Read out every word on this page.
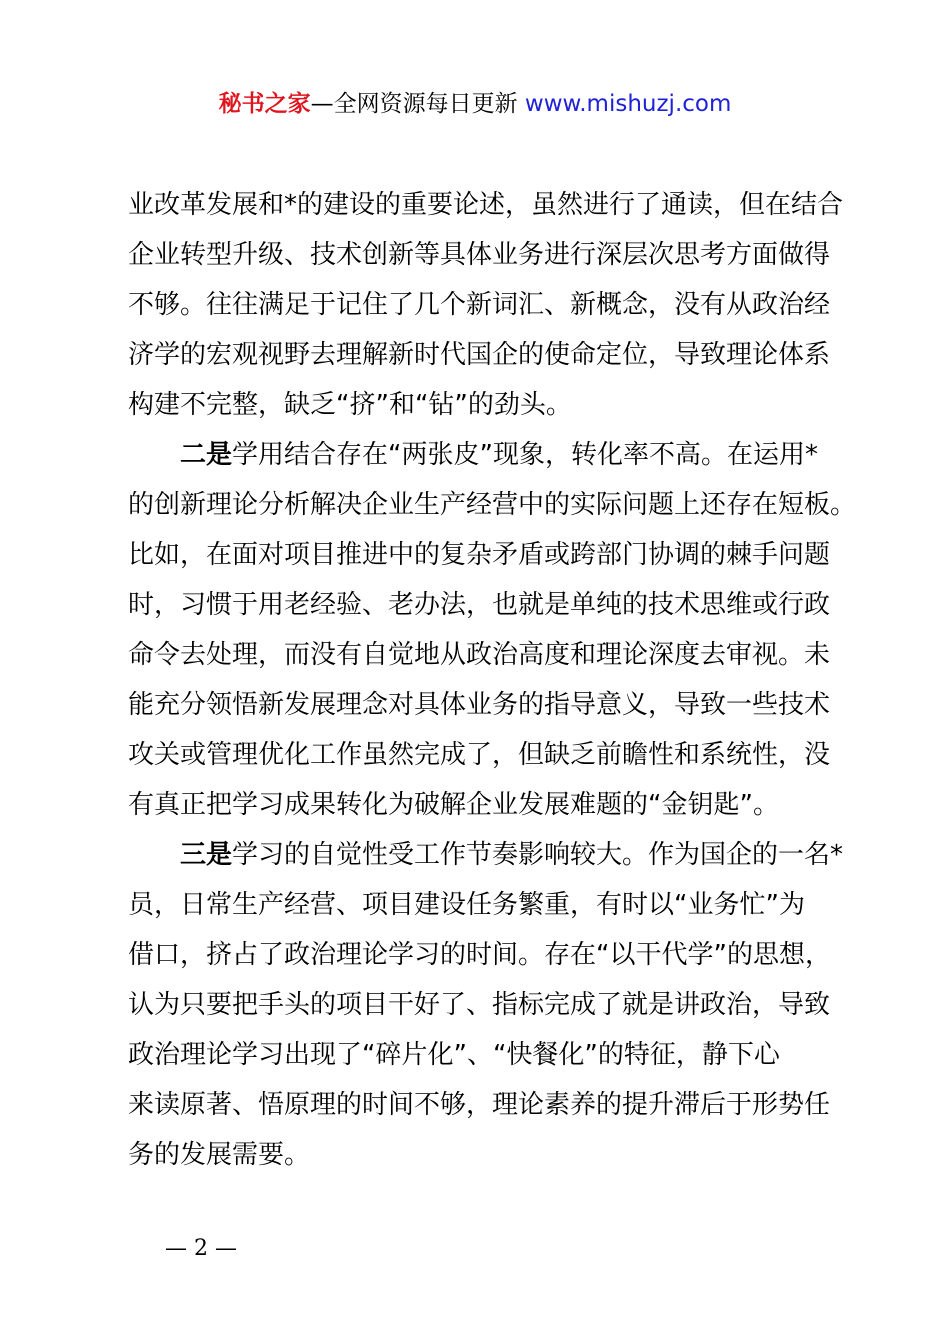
秘书之家—全网资源每日更新 www.mishuzj.com
业改革发展和*的建设的重要论述，虽然进行了通读，但在结合
企业转型升级、技术创新等具体业务进行深层次思考方面做得
不够。往往满足于记住了几个新词汇、新概念，没有从政治经
济学的宏观视野去理解新时代国企的使命定位，导致理论体系
构建不完整，缺乏“挤”和“钻”的劲头。
二是学用结合存在“两张皮”现象，转化率不高。在运用*
的创新理论分析解决企业生产经营中的实际问题上还存在短板。
比如，在面对项目推进中的复杂矛盾或跨部门协调的棘手问题
时，习惯于用老经验、老办法，也就是单纯的技术思维或行政
命令去处理，而没有自觉地从政治高度和理论深度去审视。未
能充分领悟新发展理念对具体业务的指导意义，导致一些技术
攻关或管理优化工作虽然完成了，但缺乏前瞻性和系统性，没
有真正把学习成果转化为破解企业发展难题的“金钥匙”。
三是学习的自觉性受工作节奏影响较大。作为国企的一名*
员，日常生产经营、项目建设任务繁重，有时以“业务忙”为
借口，挤占了政治理论学习的时间。存在“以干代学”的思想，
认为只要把手头的项目干好了、指标完成了就是讲政治，导致
政治理论学习出现了“碎片化”、“快餐化”的特征，静下心
来读原著、悟原理的时间不够，理论素养的提升滞后于形势任
务的发展需要。
— 2 —
